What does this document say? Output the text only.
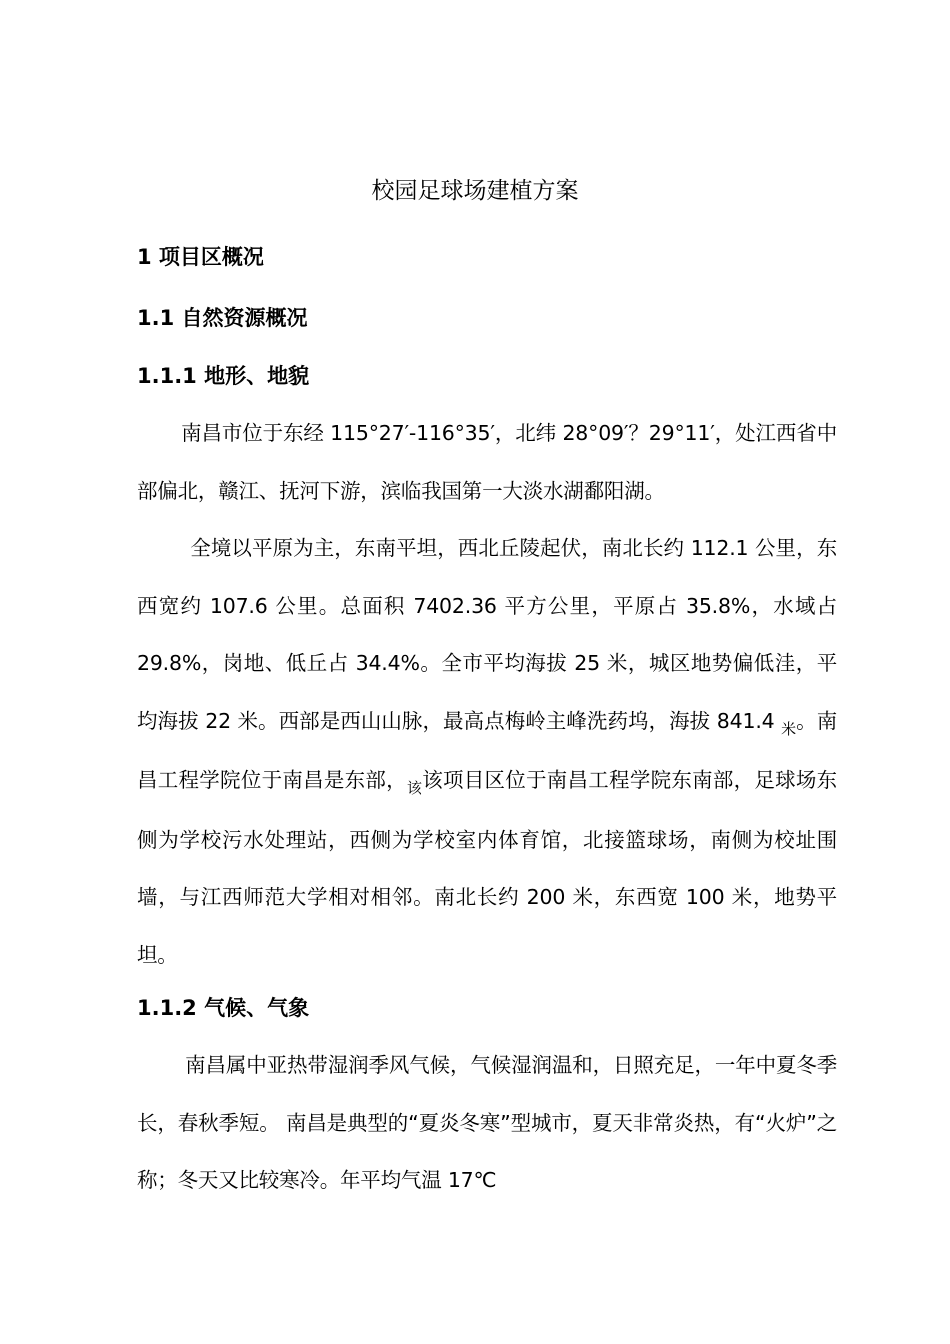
校园足球场建植方案
1 项目区概况
1.1 自然资源概况
1.1.1 地形、地貌
南昌市位于东经 115°27′-116°35′，北纬 28°09′？29°11′，处江西省中部偏北，赣江、抚河下游，滨临我国第一大淡水湖鄱阳湖。
全境以平原为主，东南平坦，西北丘陵起伏，南北长约 112.1 公里，东西宽约 107.6 公里。总面积 7402.36 平方公里，平原占 35.8%，水域占 29.8%，岗地、低丘占 34.4%。全市平均海拔 25 米，城区地势偏低洼，平均海拔 22 米。西部是西山山脉，最高点梅岭主峰洗药坞，海拔 841.4 $_米$。南昌工程学院位于南昌是东部，$_该$该项目区位于南昌工程学院东南部，足球场东侧为学校污水处理站，西侧为学校室内体育馆，北接篮球场，南侧为校址围墙，与江西师范大学相对相邻。南北长约 200 米，东西宽 100 米，地势平坦。
1.1.2 气候、气象
南昌属中亚热带湿润季风气候，气候湿润温和，日照充足，一年中夏冬季长，春秋季短。 南昌是典型的“夏炎冬寒”型城市，夏天非常炎热，有“火炉”之称；冬天又比较寒冷。年平均气温 17℃
